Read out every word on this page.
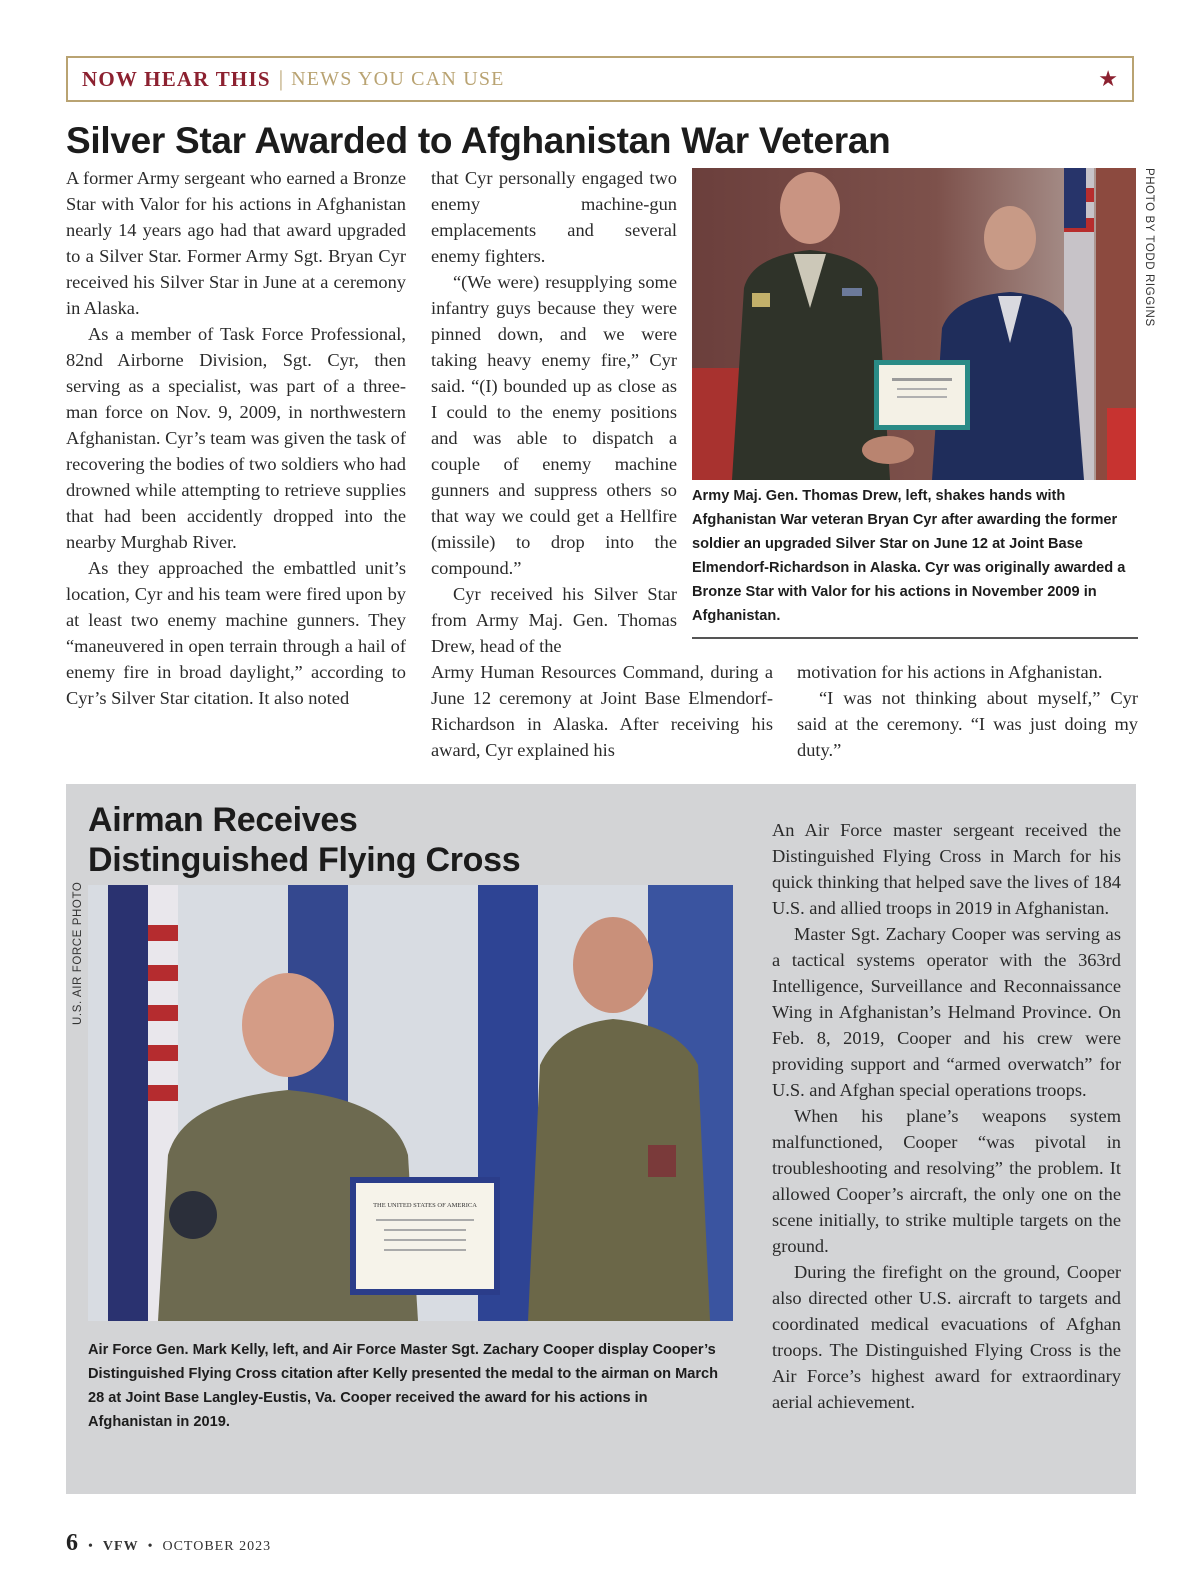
NOW HEAR THIS | NEWS YOU CAN USE	★
Silver Star Awarded to Afghanistan War Veteran

A former Army sergeant who earned a Bronze Star with Valor for his actions in Afghanistan nearly 14 years ago had that award upgraded to a Silver Star. Former Army Sgt. Bryan Cyr received his Silver Star in June at a ceremony in Alaska.

As a member of Task Force Professional, 82nd Airborne Division, Sgt. Cyr, then serving as a specialist, was part of a three-man force on Nov. 9, 2009, in northwestern Afghanistan. Cyr’s team was given the task of recovering the bodies of two soldiers who had drowned while attempting to retrieve supplies that had been accidently dropped into the nearby Murghab River.

As they approached the embattled unit’s location, Cyr and his team were fired upon by at least two enemy machine gunners. They “maneuvered in open terrain through a hail of enemy fire in broad daylight,” according to Cyr’s Silver Star citation. It also noted

that Cyr personally engaged two enemy machine-gun emplacements and several enemy fighters.

“(We were) resupplying some infantry guys because they were pinned down, and we were taking heavy enemy fire,” Cyr said. “(I) bounded up as close as I could to the enemy positions and was able to dispatch a couple of enemy machine gunners and suppress others so that way we could get a Hellfire (missile) to drop into the compound.”

Cyr received his Silver Star from Army Maj. Gen. Thomas Drew, head of the

Army Human Resources Command, during a June 12 ceremony at Joint Base Elmendorf-Richardson in Alaska. After receiving his award, Cyr explained his

motivation for his actions in Afghanistan.

“I was not thinking about myself,” Cyr said at the ceremony. “I was just doing my duty.”

PHOTO BY TODD RIGGINS
Army Maj. Gen. Thomas Drew, left, shakes hands with Afghanistan War veteran Bryan Cyr after awarding the former soldier an upgraded Silver Star on June 12 at Joint Base Elmendorf-Richardson in Alaska. Cyr was originally awarded a Bronze Star with Valor for his actions in November 2009 in Afghanistan.
Airman Receives
Distinguished Flying Cross
THE UNITED STATES OF AMERICA
U.S. AIR FORCE PHOTO
Air Force Gen. Mark Kelly, left, and Air Force Master Sgt. Zachary Cooper display Cooper’s Distinguished Flying Cross citation after Kelly presented the medal to the airman on March 28 at Joint Base Langley-Eustis, Va. Cooper received the award for his actions in Afghanistan in 2019.

An Air Force master sergeant received the Distinguished Flying Cross in March for his quick thinking that helped save the lives of 184 U.S. and allied troops in 2019 in Afghanistan.

Master Sgt. Zachary Cooper was serving as a tactical systems operator with the 363rd Intelligence, Surveillance and Reconnaissance Wing in Afghanistan’s Helmand Province. On Feb. 8, 2019, Cooper and his crew were providing support and “armed overwatch” for U.S. and Afghan special operations troops.

When his plane’s weapons system malfunctioned, Cooper “was pivotal in troubleshooting and resolving” the problem. It allowed Cooper’s aircraft, the only one on the scene initially, to strike multiple targets on the ground.

During the firefight on the ground, Cooper also directed other U.S. aircraft to targets and coordinated medical evacuations of Afghan troops. The Distinguished Flying Cross is the Air Force’s highest award for extraordinary aerial achievement.

6 • VFW • OCTOBER 2023
